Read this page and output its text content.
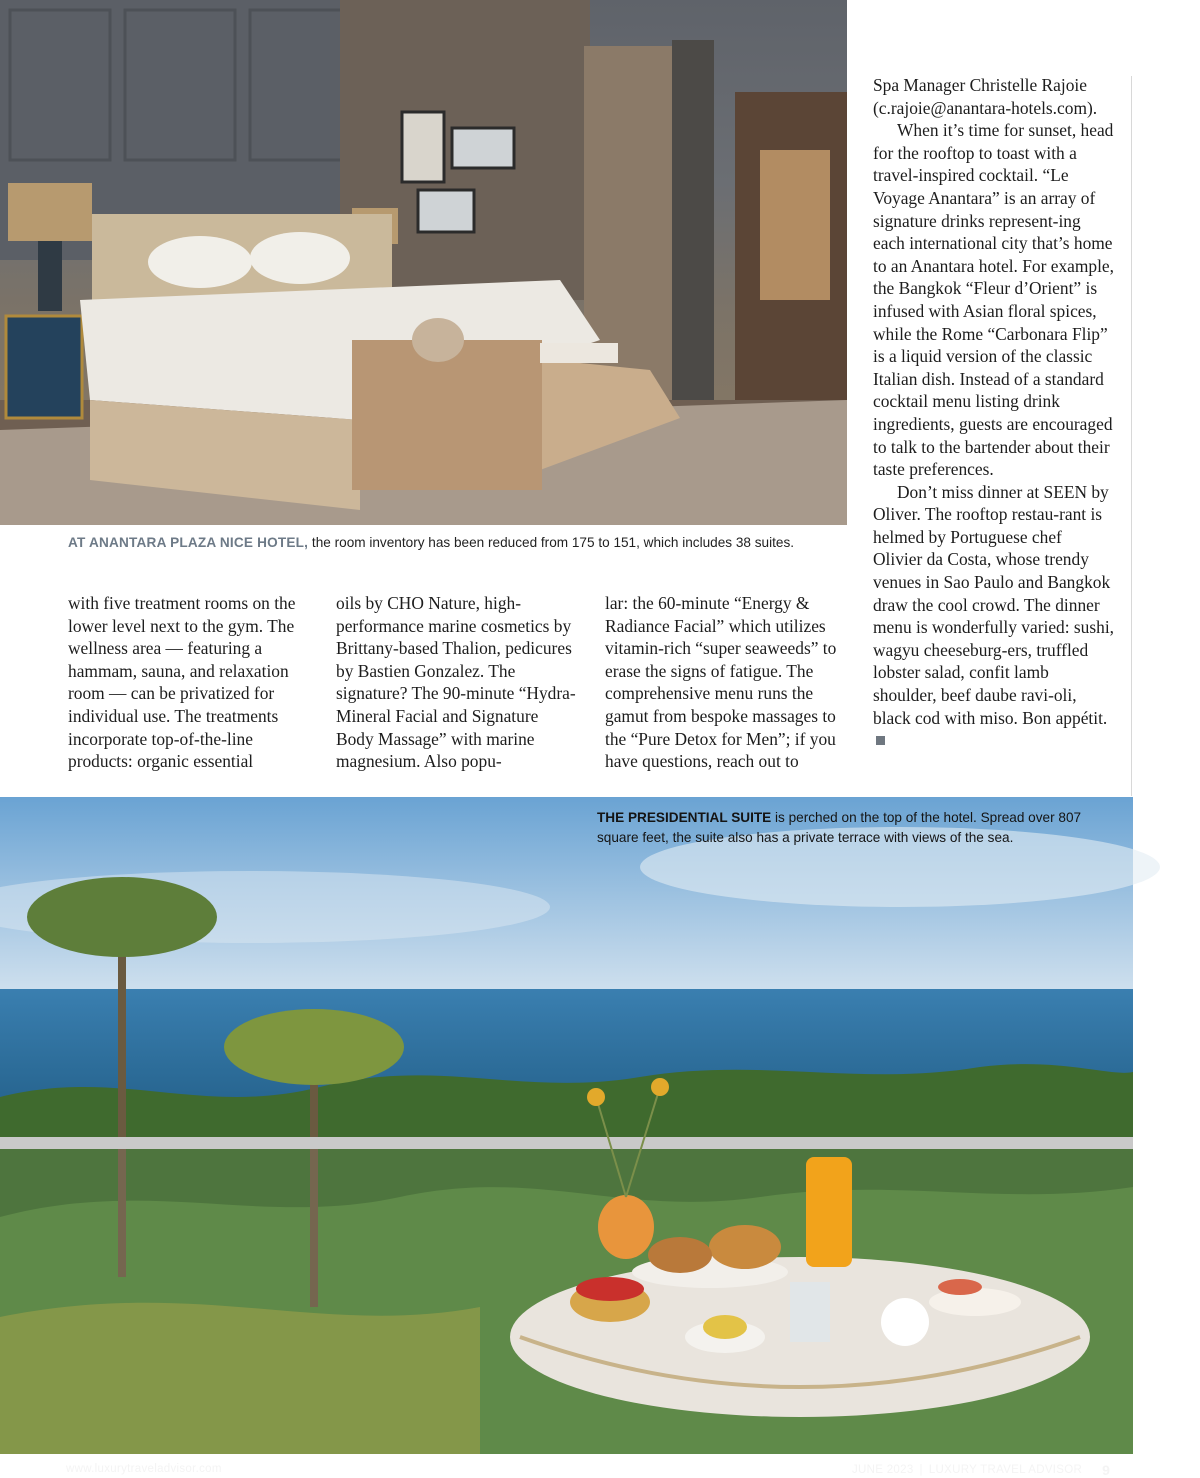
Spa Manager Christelle Rajoie (c.rajoie@anantara-hotels.com).

When it’s time for sunset, head for the rooftop to toast with a travel-inspired cocktail. “Le Voyage Anantara” is an array of signature drinks represent-ing each international city that’s home to an Anantara hotel. For example, the Bangkok “Fleur d’Orient” is infused with Asian floral spices, while the Rome “Carbonara Flip” is a liquid version of the classic Italian dish. Instead of a standard cocktail menu listing drink ingredients, guests are encouraged to talk to the bartender about their taste preferences.

Don’t miss dinner at SEEN by Oliver. The rooftop restau-rant is helmed by Portuguese chef Olivier da Costa, whose trendy venues in Sao Paulo and Bangkok draw the cool crowd. The dinner menu is wonderfully varied: sushi, wagyu cheeseburg-ers, truffled lobster salad, confit lamb shoulder, beef daube ravi-oli, black cod with miso. Bon appétit.

AT ANANTARA PLAZA NICE HOTEL, the room inventory has been reduced from 175 to 151, which includes 38 suites.
with five treatment rooms on the lower level next to the gym. The wellness area — featuring a hammam, sauna, and relaxation room — can be privatized for individual use. The treatments incorporate top-of-the-line products: organic essential
oils by CHO Nature, high-performance marine cosmetics by Brittany-based Thalion, pedicures by Bastien Gonzalez. The signature? The 90-minute “Hydra-Mineral Facial and Signature Body Massage” with marine magnesium. Also popu-
lar: the 60-minute “Energy & Radiance Facial” which utilizes vitamin-rich “super seaweeds” to erase the signs of fatigue. The comprehensive menu runs the gamut from bespoke massages to the “Pure Detox for Men”; if you have questions, reach out to
THE PRESIDENTIAL SUITE is perched on the top of the hotel. Spread over 807 square feet, the suite also has a private terrace with views of the sea.
www.luxurytraveladvisor.com	JUNE 2023 | LUXURY TRAVEL ADVISOR 9
